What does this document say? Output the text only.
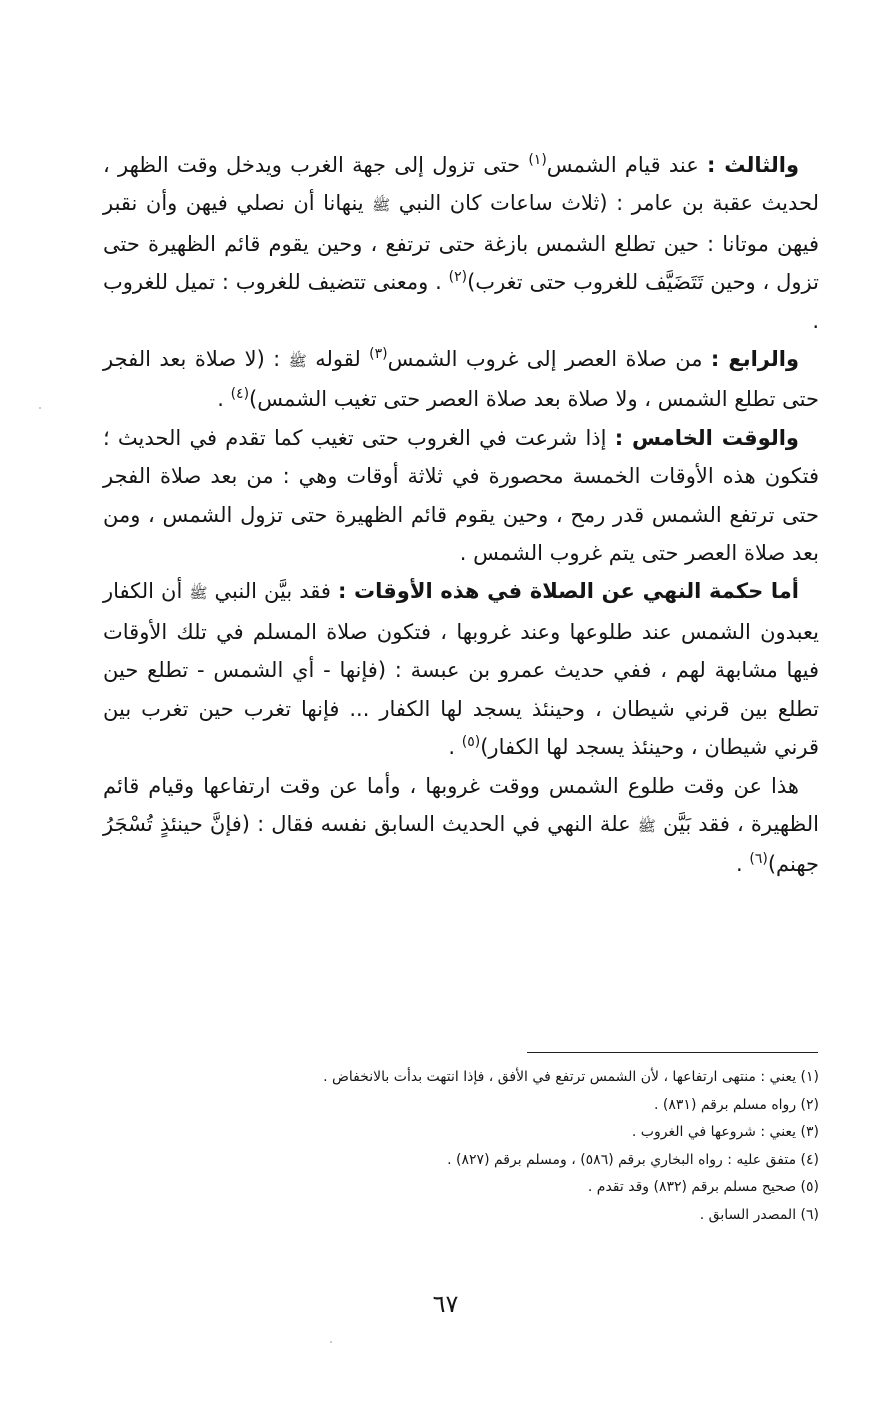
والثالث : عند قيام الشمس$^{(١)}$ حتى تزول إلى جهة الغرب ويدخل وقت الظهر ، لحديث عقبة بن عامر : (ثلاث ساعات كان النبي ﷺ ينهانا أن نصلي فيهن وأن نقبر فيهن موتانا : حين تطلع الشمس بازغة حتى ترتفع ، وحين يقوم قائم الظهيرة حتى تزول ، وحين تَتَضَيَّف للغروب حتى تغرب)$^{(٢)}$ . ومعنى تتضيف للغروب : تميل للغروب .

والرابع : من صلاة العصر إلى غروب الشمس$^{(٣)}$ لقوله ﷺ : (لا صلاة بعد الفجر حتى تطلع الشمس ، ولا صلاة بعد صلاة العصر حتى تغيب الشمس)$^{(٤)}$ .

والوقت الخامس : إذا شرعت في الغروب حتى تغيب كما تقدم في الحديث ؛ فتكون هذه الأوقات الخمسة محصورة في ثلاثة أوقات وهي : من بعد صلاة الفجر حتى ترتفع الشمس قدر رمح ، وحين يقوم قائم الظهيرة حتى تزول الشمس ، ومن بعد صلاة العصر حتى يتم غروب الشمس .

أما حكمة النهي عن الصلاة في هذه الأوقات : فقد بيَّن النبي ﷺ أن الكفار يعبدون الشمس عند طلوعها وعند غروبها ، فتكون صلاة المسلم في تلك الأوقات فيها مشابهة لهم ، ففي حديث عمرو بن عبسة : (فإنها - أي الشمس - تطلع حين تطلع بين قرني شيطان ، وحينئذ يسجد لها الكفار ... فإنها تغرب حين تغرب بين قرني شيطان ، وحينئذ يسجد لها الكفار)$^{(٥)}$ .

هذا عن وقت طلوع الشمس ووقت غروبها ، وأما عن وقت ارتفاعها وقيام قائم الظهيرة ، فقد بَيَّن ﷺ علة النهي في الحديث السابق نفسه فقال : (فإنَّ حينئذٍ تُسْجَرُ جهنم)$^{(٦)}$ .

(١) يعني : منتهى ارتفاعها ، لأن الشمس ترتفع في الأفق ، فإذا انتهت بدأت بالانخفاض .
(٢) رواه مسلم برقم (٨٣١) .
(٣) يعني : شروعها في الغروب .
(٤) متفق عليه : رواه البخاري برقم (٥٨٦) ، ومسلم برقم (٨٢٧) .
(٥) صحيح مسلم برقم (٨٣٢) وقد تقدم .
(٦) المصدر السابق .
٦٧
